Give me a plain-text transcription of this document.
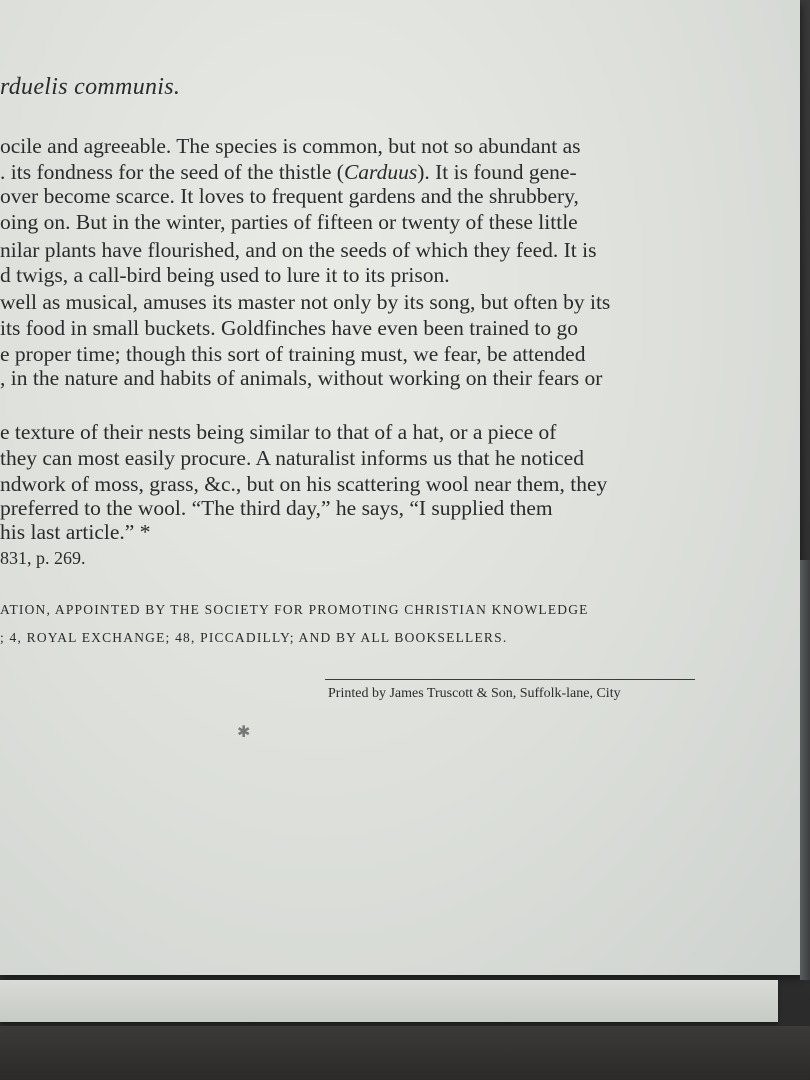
rduelis communis.
ocile and agreeable. The species is common, but not so abundant as
. its fondness for the seed of the thistle (Carduus). It is found gene-
over become scarce. It loves to frequent gardens and the shrubbery,
oing on. But in the winter, parties of fifteen or twenty of these little
nilar plants have flourished, and on the seeds of which they feed. It is
d twigs, a call-bird being used to lure it to its prison.
well as musical, amuses its master not only by its song, but often by its
its food in small buckets. Goldfinches have even been trained to go
e proper time; though this sort of training must, we fear, be attended
, in the nature and habits of animals, without working on their fears or
e texture of their nests being similar to that of a hat, or a piece of
they can most easily procure. A naturalist informs us that he noticed
ndwork of moss, grass, &c., but on his scattering wool near them, they
preferred to the wool. “The third day,” he says, “I supplied them
his last article.” *
831, p. 269.
ATION, APPOINTED BY THE SOCIETY FOR PROMOTING CHRISTIAN KNOWLEDGE
; 4, ROYAL EXCHANGE; 48, PICCADILLY; AND BY ALL BOOKSELLERS.
Printed by James Truscott & Son, Suffolk-lane, City
✱
